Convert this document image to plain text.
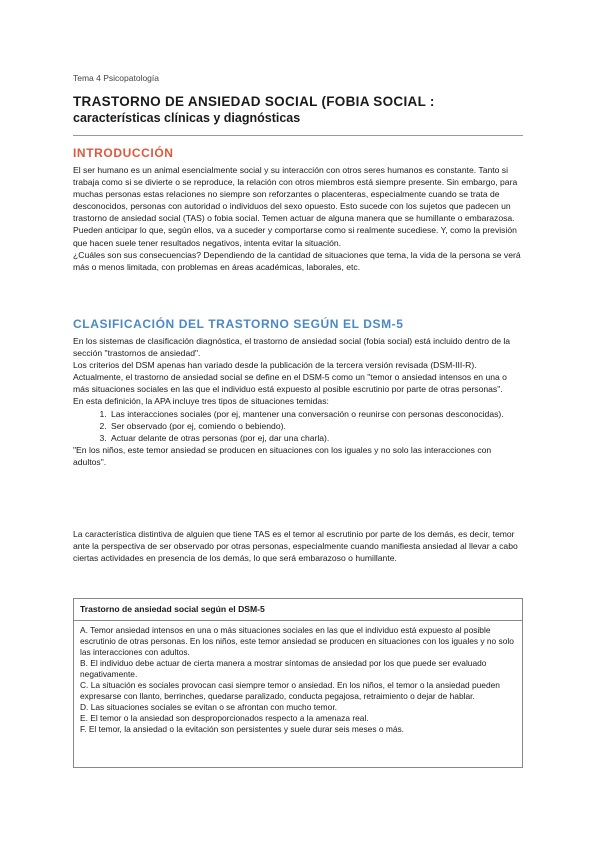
Tema 4 Psicopatología
TRASTORNO DE ANSIEDAD SOCIAL (FOBIA SOCIAL :
características clínicas y diagnósticas
INTRODUCCIÓN

El ser humano es un animal esencialmente social y su interacción con otros seres humanos es constante. Tanto si trabaja como si se divierte o se reproduce, la relación con otros miembros está siempre presente. Sin embargo, para muchas personas estas relaciones no siempre son reforzantes o placenteras, especialmente cuando se trata de desconocidos, personas con autoridad o individuos del sexo opuesto. Esto sucede con los sujetos que padecen un trastorno de ansiedad social (TAS) o fobia social. Temen actuar de alguna manera que se humillante o embarazosa. Pueden anticipar lo que, según ellos, va a suceder y comportarse como si realmente sucediese. Y, como la previsión que hacen suele tener resultados negativos, intenta evitar la situación.

¿Cuáles son sus consecuencias? Dependiendo de la cantidad de situaciones que tema, la vida de la persona se verá más o menos limitada, con problemas en áreas académicas, laborales, etc.

CLASIFICACIÓN DEL TRASTORNO SEGÚN EL DSM-5

En los sistemas de clasificación diagnóstica, el trastorno de ansiedad social (fobia social) está incluido dentro de la sección "trastornos de ansiedad".

Los criterios del DSM apenas han variado desde la publicación de la tercera versión revisada (DSM-III-R). Actualmente, el trastorno de ansiedad social se define en el DSM-5 como un "temor o ansiedad intensos en una o más situaciones sociales en las que el individuo está expuesto al posible escrutinio por parte de otras personas".

En esta definición, la APA incluye tres tipos de situaciones temidas:

1. Las interacciones sociales (por ej, mantener una conversación o reunirse con personas desconocidas).
2. Ser observado (por ej, comiendo o bebiendo).
3. Actuar delante de otras personas (por ej, dar una charla).

"En los niños, este temor ansiedad se producen en situaciones con los iguales y no solo las interacciones con adultos".

La característica distintiva de alguien que tiene TAS es el temor al escrutinio por parte de los demás, es decir, temor ante la perspectiva de ser observado por otras personas, especialmente cuando manifiesta ansiedad al llevar a cabo ciertas actividades en presencia de los demás, lo que será embarazoso o humillante.
Trastorno de ansiedad social según el DSM-5

A. Temor ansiedad intensos en una o más situaciones sociales en las que el individuo está expuesto al posible escrutinio de otras personas. En los niños, este temor ansiedad se producen en situaciones con los iguales y no solo las interacciones con adultos.

B. El individuo debe actuar de cierta manera a mostrar síntomas de ansiedad por los que puede ser evaluado negativamente.

C. La situación es sociales provocan casi siempre temor o ansiedad. En los niños, el temor o la ansiedad pueden expresarse con llanto, berrinches, quedarse paralizado, conducta pegajosa, retraimiento o dejar de hablar.

D. Las situaciones sociales se evitan o se afrontan con mucho temor.

E. El temor o la ansiedad son desproporcionados respecto a la amenaza real.

F. El temor, la ansiedad o la evitación son persistentes y suele durar seis meses o más.
